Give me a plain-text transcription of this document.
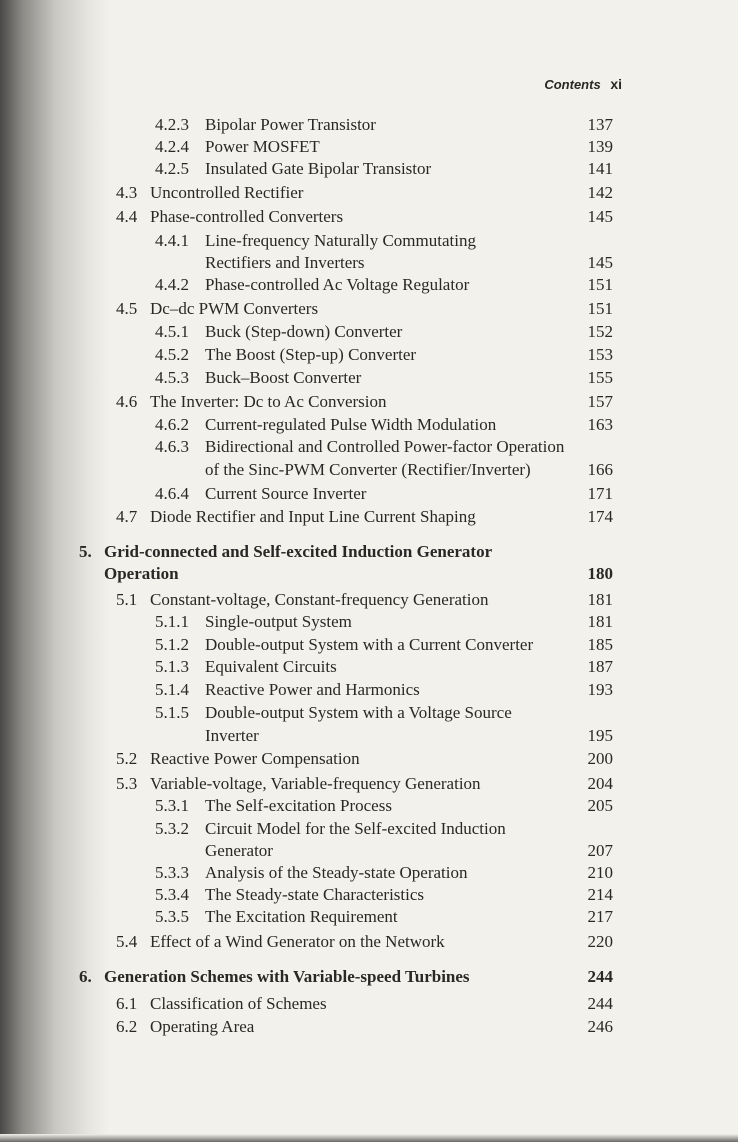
Contents xi
4.2.3 Bipolar Power Transistor	137
4.2.4 Power MOSFET	139
4.2.5 Insulated Gate Bipolar Transistor	141
4.3 Uncontrolled Rectifier	142
4.4 Phase-controlled Converters	145
4.4.1 Line-frequency Naturally Commutating
Rectifiers and Inverters	145
4.4.2 Phase-controlled Ac Voltage Regulator	151
4.5 Dc–dc PWM Converters	151
4.5.1 Buck (Step-down) Converter	152
4.5.2 The Boost (Step-up) Converter	153
4.5.3 Buck–Boost Converter	155
4.6 The Inverter: Dc to Ac Conversion	157
4.6.2 Current-regulated Pulse Width Modulation	163
4.6.3 Bidirectional and Controlled Power-factor Operation
of the Sinc-PWM Converter (Rectifier/Inverter)	166
4.6.4 Current Source Inverter	171
4.7 Diode Rectifier and Input Line Current Shaping	174
5. Grid-connected and Self-excited Induction Generator
Operation	180
5.1 Constant-voltage, Constant-frequency Generation	181
5.1.1 Single-output System	181
5.1.2 Double-output System with a Current Converter	185
5.1.3 Equivalent Circuits	187
5.1.4 Reactive Power and Harmonics	193
5.1.5 Double-output System with a Voltage Source
Inverter	195
5.2 Reactive Power Compensation	200
5.3 Variable-voltage, Variable-frequency Generation	204
5.3.1 The Self-excitation Process	205
5.3.2 Circuit Model for the Self-excited Induction
Generator	207
5.3.3 Analysis of the Steady-state Operation	210
5.3.4 The Steady-state Characteristics	214
5.3.5 The Excitation Requirement	217
5.4 Effect of a Wind Generator on the Network	220
6. Generation Schemes with Variable-speed Turbines	244
6.1 Classification of Schemes	244
6.2 Operating Area	246
